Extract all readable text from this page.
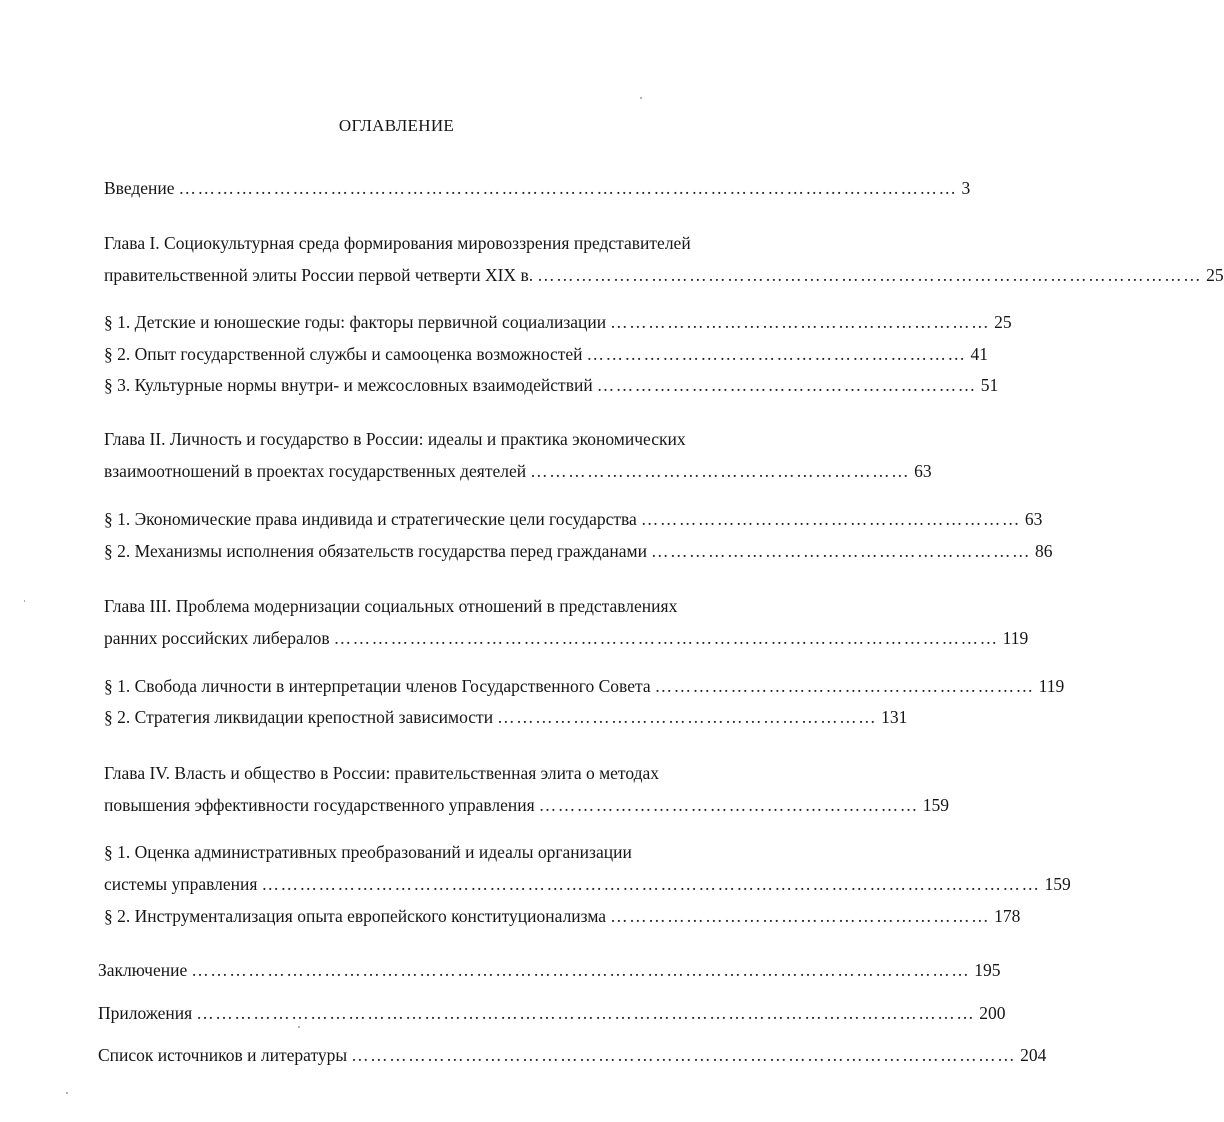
ОГЛАВЛЕНИЕ
Введение …………………………………………………………………………………………………………… 3
Глава I. Социокультурная среда формирования мировоззрения представителей
правительственной элиты России первой четверти XIX в. …………………………………………………………………………………………… 25
§ 1. Детские и юношеские годы: факторы первичной социализации …………………………………………………… 25
§ 2. Опыт государственной службы и самооценка возможностей …………………………………………………… 41
§ 3. Культурные нормы внутри- и межсословных взаимодействий …………………………………………………… 51
Глава II. Личность и государство в России: идеалы и практика экономических
взаимоотношений в проектах государственных деятелей …………………………………………………… 63
§ 1. Экономические права индивида и стратегические цели государства …………………………………………………… 63
§ 2. Механизмы исполнения обязательств государства перед гражданами …………………………………………………… 86
Глава III. Проблема модернизации социальных отношений в представлениях
ранних российских либералов …………………………………………………………………………………………… 119
§ 1. Свобода личности в интерпретации членов Государственного Совета …………………………………………………… 119
§ 2. Стратегия ликвидации крепостной зависимости …………………………………………………… 131
Глава IV. Власть и общество в России: правительственная элита о методах
повышения эффективности государственного управления …………………………………………………… 159
§ 1. Оценка административных преобразований и идеалы организации
системы управления …………………………………………………………………………………………………………… 159
§ 2. Инструментализация опыта европейского конституционализма …………………………………………………… 178
Заключение …………………………………………………………………………………………………………… 195
Приложения …………………………………………………………………………………………………………… 200
Список источников и литературы …………………………………………………………………………………………… 204
